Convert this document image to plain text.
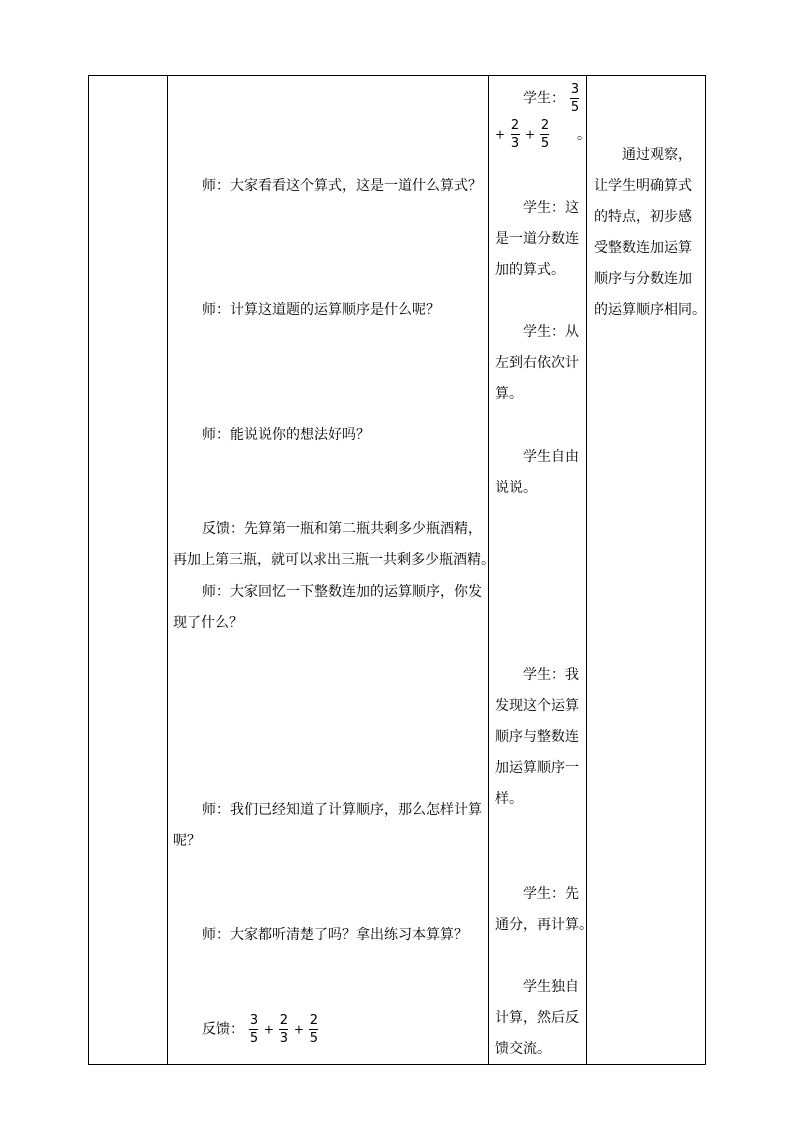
师：大家看看这个算式，这是一道什么算式？
师：计算这道题的运算顺序是什么呢？
师：能说说你的想法好吗？
反馈：先算第一瓶和第二瓶共剩多少瓶酒精，
再加上第三瓶，就可以求出三瓶一共剩多少瓶酒精。
师：大家回忆一下整数连加的运算顺序，你发
现了什么？
师：我们已经知道了计算顺序，那么怎样计算
呢？
师：大家都听清楚了吗？拿出练习本算算？
反馈： $\frac{3}{5} + \frac{2}{3} + \frac{2}{5}$
学生： $\frac{3}{5}$
+ $\frac{2}{3} + \frac{2}{5}$ 。
学生：这
是一道分数连
加的算式。
学生：从
左到右依次计
算。
学生自由
说说。
学生：我
发现这个运算
顺序与整数连
加运算顺序一
样。
学生：先
通分，再计算。
学生独自
计算，然后反
馈交流。
通过观察，
让学生明确算式
的特点，初步感
受整数连加运算
顺序与分数连加
的运算顺序相同。
